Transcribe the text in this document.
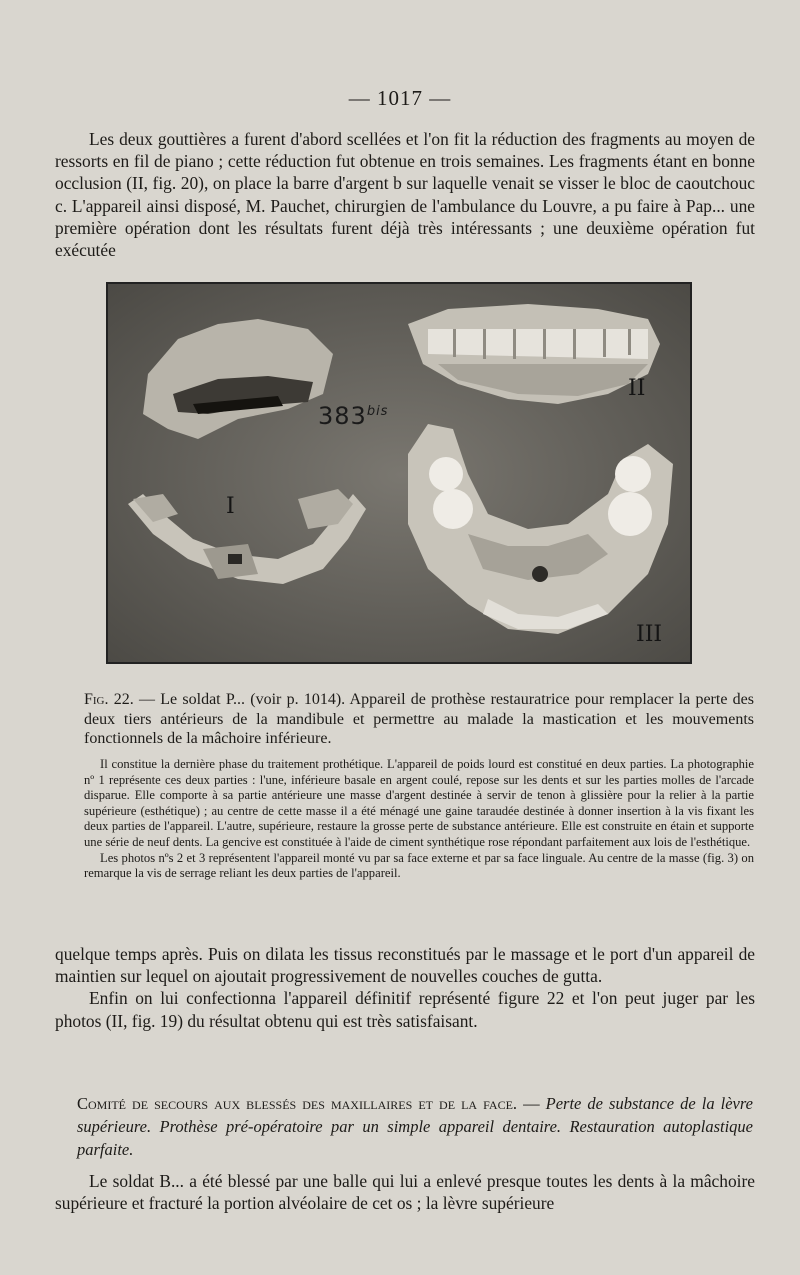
— 1017 —

Les deux gouttières a furent d'abord scellées et l'on fit la réduction des fragments au moyen de ressorts en fil de piano ; cette réduction fut obtenue en trois semaines. Les fragments étant en bonne occlusion (II, fig. 20), on place la barre d'argent b sur laquelle venait se visser le bloc de caoutchouc c. L'appareil ainsi disposé, M. Pauchet, chirurgien de l'ambulance du Louvre, a pu faire à Pap... une première opération dont les résultats furent déjà très intéressants ; une deuxième opération fut exécutée

$383^{bis}$
I
II
III
Fig. 22. — Le soldat P... (voir p. 1014). Appareil de prothèse restauratrice pour remplacer la perte des deux tiers antérieurs de la mandibule et permettre au malade la mastication et les mouvements fonctionnels de la mâchoire inférieure.

Il constitue la dernière phase du traitement prothétique. L'appareil de poids lourd est constitué en deux parties. La photographie nº 1 représente ces deux parties : l'une, inférieure basale en argent coulé, repose sur les dents et sur les parties molles de l'arcade disparue. Elle comporte à sa partie antérieure une masse d'argent destinée à servir de tenon à glissière pour la relier à la partie supérieure (esthétique) ; au centre de cette masse il a été ménagé une gaine taraudée destinée à donner insertion à la vis fixant les deux parties de l'appareil. L'autre, supérieure, restaure la grosse perte de substance antérieure. Elle est construite en étain et supporte une série de neuf dents. La gencive est constituée à l'aide de ciment synthétique rose répondant parfaitement aux lois de l'esthétique.

Les photos nºs 2 et 3 représentent l'appareil monté vu par sa face externe et par sa face linguale. Au centre de la masse (fig. 3) on remarque la vis de serrage reliant les deux parties de l'appareil.

quelque temps après. Puis on dilata les tissus reconstitués par le massage et le port d'un appareil de maintien sur lequel on ajoutait progressivement de nouvelles couches de gutta.

Enfin on lui confectionna l'appareil définitif représenté figure 22 et l'on peut juger par les photos (II, fig. 19) du résultat obtenu qui est très satisfaisant.

Comité de secours aux blessés des maxillaires et de la face. — Perte de substance de la lèvre supérieure. Prothèse pré-opératoire par un simple appareil dentaire. Restauration autoplastique parfaite.

Le soldat B... a été blessé par une balle qui lui a enlevé presque toutes les dents à la mâchoire supérieure et fracturé la portion alvéolaire de cet os ; la lèvre supérieure
